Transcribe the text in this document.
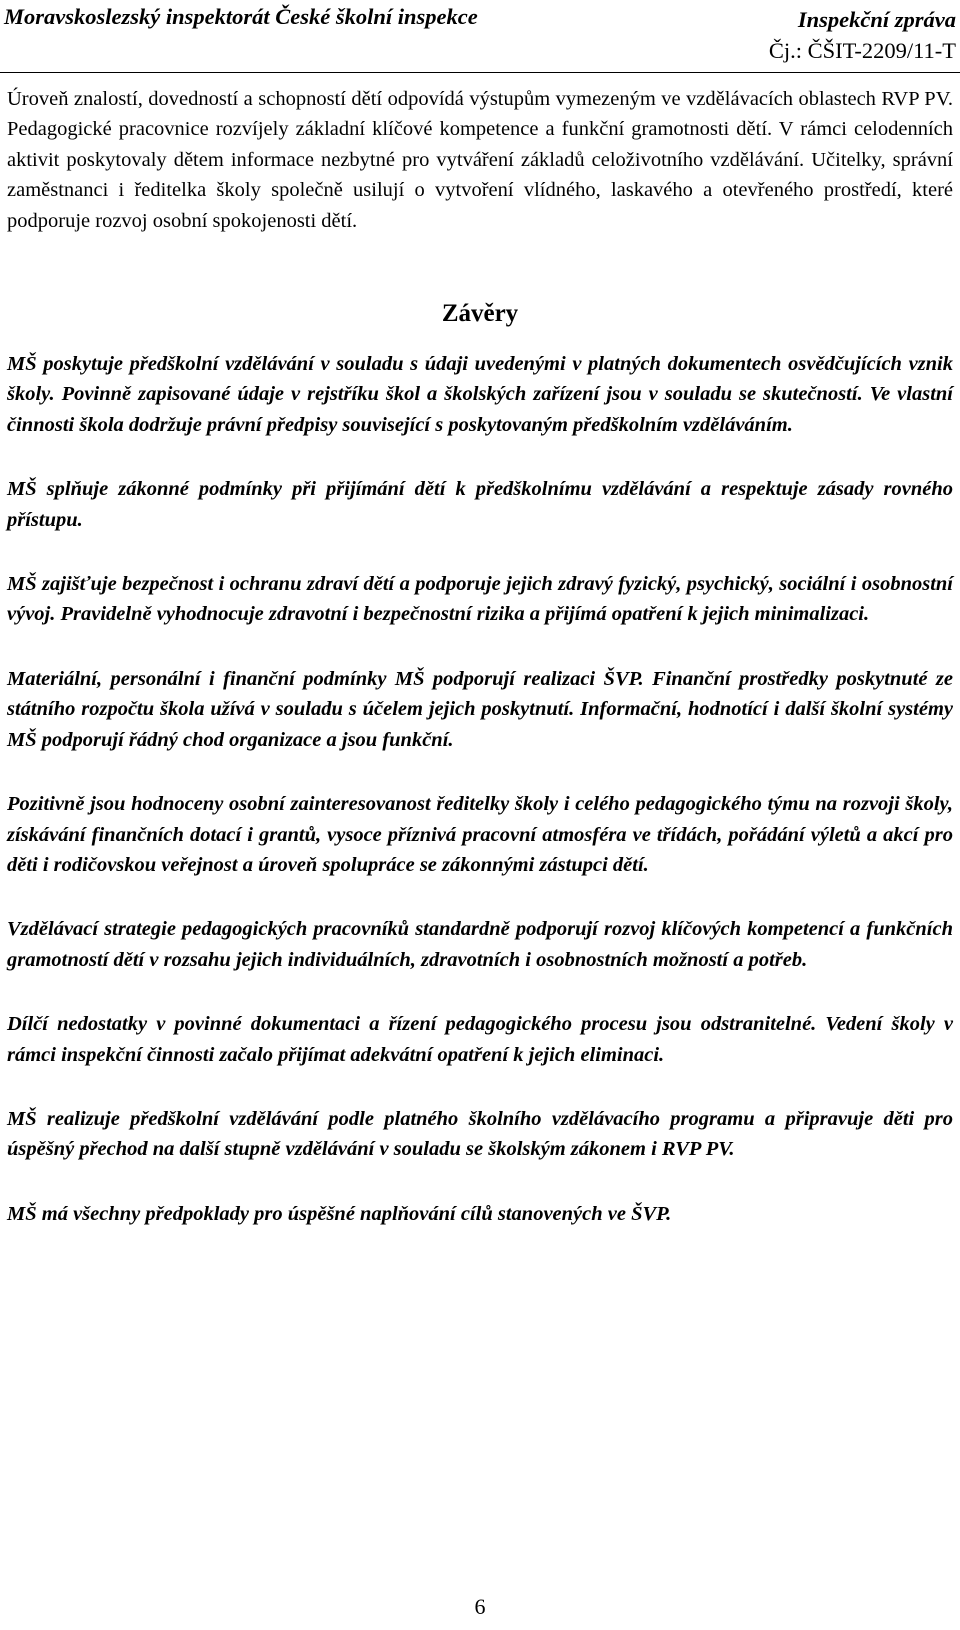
Moravskoslezský inspektorát České školní inspekce	Inspekční zpráva
Čj.: ČŠIT-2209/11-T

Úroveň znalostí, dovedností a schopností dětí odpovídá výstupům vymezeným ve vzdělávacích oblastech RVP PV. Pedagogické pracovnice rozvíjely základní klíčové kompetence a funkční gramotnosti dětí. V rámci celodenních aktivit poskytovaly dětem informace nezbytné pro vytváření základů celoživotního vzdělávání. Učitelky, správní zaměstnanci i ředitelka školy společně usilují o vytvoření vlídného, laskavého a otevřeného prostředí, které podporuje rozvoj osobní spokojenosti dětí.

Závěry

MŠ poskytuje předškolní vzdělávání v souladu s údaji uvedenými v platných dokumentech osvědčujících vznik školy. Povinně zapisované údaje v rejstříku škol a školských zařízení jsou v souladu se skutečností. Ve vlastní činnosti škola dodržuje právní předpisy související s poskytovaným předškolním vzděláváním.

MŠ splňuje zákonné podmínky při přijímání dětí k předškolnímu vzdělávání a respektuje zásady rovného přístupu.

MŠ zajišťuje bezpečnost i ochranu zdraví dětí a podporuje jejich zdravý fyzický, psychický, sociální i osobnostní vývoj. Pravidelně vyhodnocuje zdravotní i bezpečnostní rizika a přijímá opatření k jejich minimalizaci.

Materiální, personální i finanční podmínky MŠ podporují realizaci ŠVP. Finanční prostředky poskytnuté ze státního rozpočtu škola užívá v souladu s účelem jejich poskytnutí. Informační, hodnotící i další školní systémy MŠ podporují řádný chod organizace a jsou funkční.

Pozitivně jsou hodnoceny osobní zainteresovanost ředitelky školy i celého pedagogického týmu na rozvoji školy, získávání finančních dotací i grantů, vysoce příznivá pracovní atmosféra ve třídách, pořádání výletů a akcí pro děti i rodičovskou veřejnost a úroveň spolupráce se zákonnými zástupci dětí.

Vzdělávací strategie pedagogických pracovníků standardně podporují rozvoj klíčových kompetencí a funkčních gramotností dětí v rozsahu jejich individuálních, zdravotních i osobnostních možností a potřeb.

Dílčí nedostatky v povinné dokumentaci a řízení pedagogického procesu jsou odstranitelné. Vedení školy v rámci inspekční činnosti začalo přijímat adekvátní opatření k jejich eliminaci.

MŠ realizuje předškolní vzdělávání podle platného školního vzdělávacího programu a připravuje děti pro úspěšný přechod na další stupně vzdělávání v souladu se školským zákonem i RVP PV.

MŠ má všechny předpoklady pro úspěšné naplňování cílů stanovených ve ŠVP.

6
